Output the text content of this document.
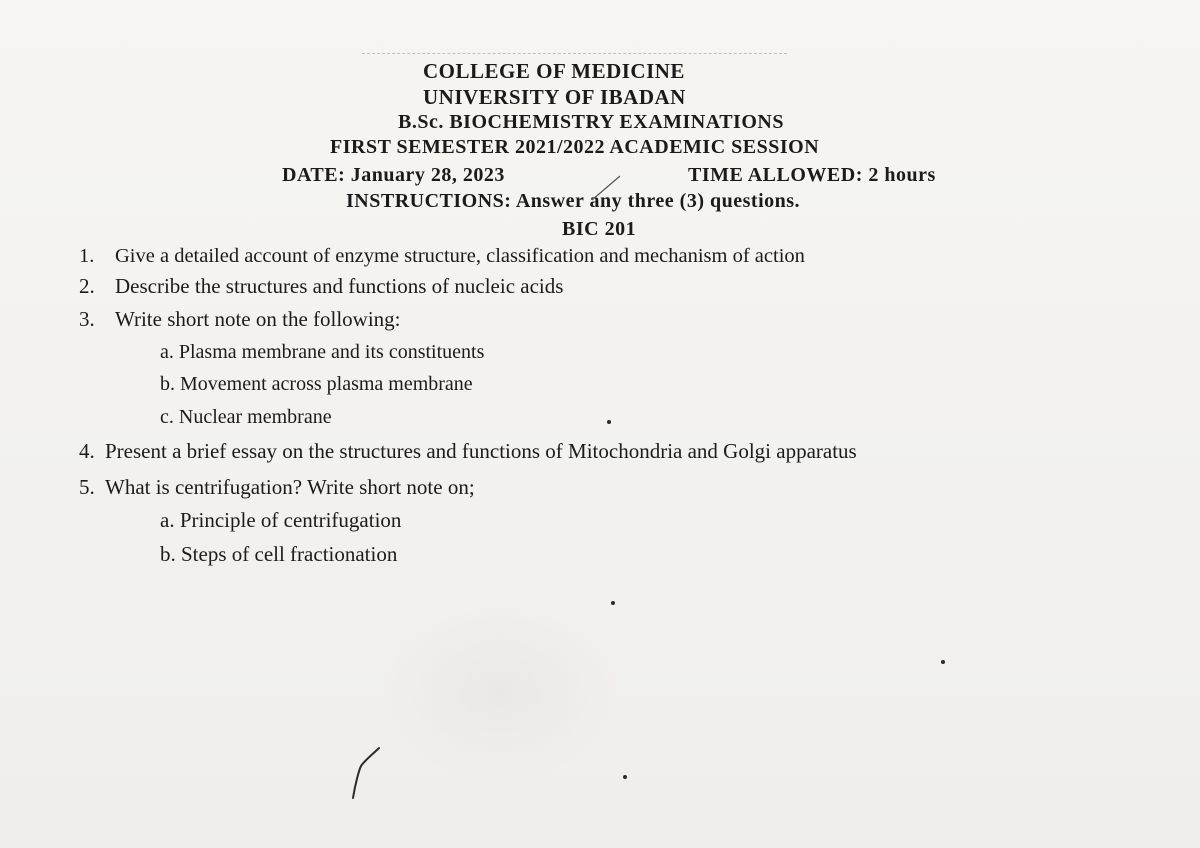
COLLEGE OF MEDICINE
UNIVERSITY OF IBADAN
B.Sc. BIOCHEMISTRY EXAMINATIONS
FIRST SEMESTER 2021/2022 ACADEMIC SESSION
DATE: January 28, 2023	TIME ALLOWED: 2 hours
INSTRUCTIONS: Answer any three (3) questions.
BIC 201
1. Give a detailed account of enzyme structure, classification and mechanism of action
2. Describe the structures and functions of nucleic acids
3. Write short note on the following:
a. Plasma membrane and its constituents
b. Movement across plasma membrane
c. Nuclear membrane
4. Present a brief essay on the structures and functions of Mitochondria and Golgi apparatus
5. What is centrifugation? Write short note on;
a. Principle of centrifugation
b. Steps of cell fractionation
